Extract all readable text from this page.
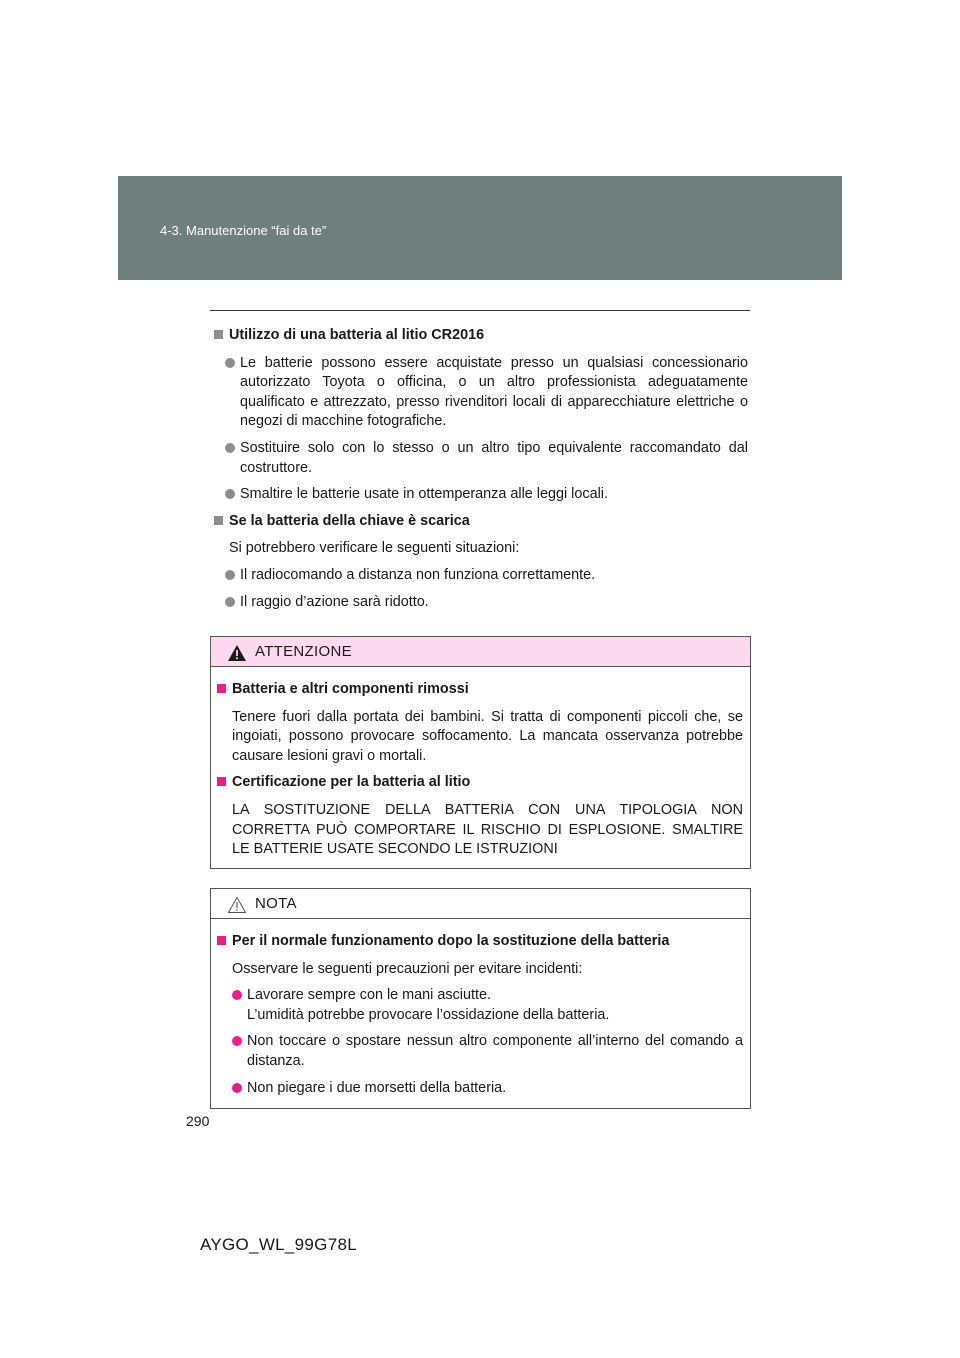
4-3. Manutenzione “fai da te”
290
Utilizzo di una batteria al litio CR2016
Le batterie possono essere acquistate presso un qualsiasi concessionario autorizzato Toyota o officina, o un altro professionista adeguatamente qualificato e attrezzato, presso rivenditori locali di apparecchiature elettriche o negozi di macchine fotografiche.
Sostituire solo con lo stesso o un altro tipo equivalente raccomandato dal costruttore.
Smaltire le batterie usate in ottemperanza alle leggi locali.
Se la batteria della chiave è scarica
Si potrebbero verificare le seguenti situazioni:
Il radiocomando a distanza non funziona correttamente.
Il raggio d’azione sarà ridotto.
ATTENZIONE
Batteria e altri componenti rimossi
Tenere fuori dalla portata dei bambini. Si tratta di componenti piccoli che, se ingoiati, possono provocare soffocamento. La mancata osservanza potrebbe causare lesioni gravi o mortali.
Certificazione per la batteria al litio
LA SOSTITUZIONE DELLA BATTERIA CON UNA TIPOLOGIA NON CORRETTA PUÒ COMPORTARE IL RISCHIO DI ESPLOSIONE. SMALTIRE LE BATTERIE USATE SECONDO LE ISTRUZIONI
NOTA
Per il normale funzionamento dopo la sostituzione della batteria
Osservare le seguenti precauzioni per evitare incidenti:
Lavorare sempre con le mani asciutte.
L’umidità potrebbe provocare l’ossidazione della batteria.
Non toccare o spostare nessun altro componente all’interno del comando a distanza.
Non piegare i due morsetti della batteria.
AYGO_WL_99G78L
